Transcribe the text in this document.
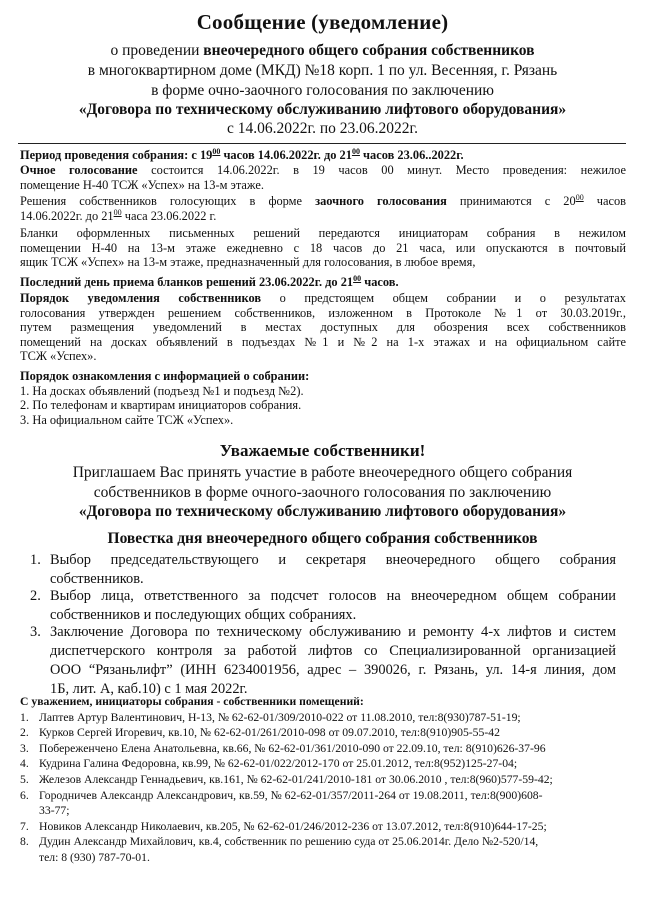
Сообщение (уведомление)
о проведении внеочередного общего собрания собственников
в многоквартирном доме (МКД) №18 корп. 1 по ул. Весенняя, г. Рязань
в форме очно-заочного голосования по заключению
«Договора по техническому обслуживанию лифтового оборудования»
с 14.06.2022г. по 23.06.2022г.
Период проведения собрания: с $19^{00}$ часов 14.06.2022г. до $21^{00}$ часов 23.06..2022г.
Очное голосование состоится 14.06.2022г. в 19 часов 00 минут. Место проведения: нежилое
помещение Н-40 ТСЖ «Успех» на 13-м этаже.
Решения собственников голосующих в форме заочного голосования принимаются с $20^{00}$ часов
14.06.2022г. до $21^{00}$ часа 23.06.2022 г.
Бланки оформленных письменных решений передаются инициаторам собрания в нежилом
помещении Н-40 на 13-м этаже ежедневно с 18 часов до 21 часа, или опускаются в почтовый
ящик ТСЖ «Успех» на 13-м этаже, предназначенный для голосования, в любое время,
Последний день приема бланков решений 23.06.2022г. до $21^{00}$ часов.
Порядок уведомления собственников о предстоящем общем собрании и о результатах
голосования утвержден решением собственников, изложенном в Протоколе №1 от 30.03.2019г.,
путем размещения уведомлений в местах доступных для обозрения всех собственников
помещений на досках объявлений в подъездах №1 и №2 на 1-х этажах и на официальном сайте
ТСЖ «Успех».
Порядок ознакомления с информацией о собрании:
1. На досках объявлений (подъезд №1 и подъезд №2).
2. По телефонам и квартирам инициаторов собрания.
3. На официальном сайте ТСЖ «Успех».
Уважаемые собственники!
Приглашаем Вас принять участие в работе внеочередного общего собрания
собственников в форме очного-заочного голосования по заключению
«Договора по техническому обслуживанию лифтового оборудования»
Повестка дня внеочередного общего собрания собственников
1. Выбор председательствующего и секретаря внеочередного общего собрания
собственников.
2. Выбор лица, ответственного за подсчет голосов на внеочередном общем собрании
собственников и последующих общих собраниях.
3. Заключение Договора по техническому обслуживанию и ремонту 4-х лифтов и систем
диспетчерского контроля за работой лифтов со Специализированной организацией
ООО “Рязаньлифт” (ИНН 6234001956, адрес – 390026, г. Рязань, ул. 14-я линия, дом
1Б, лит. А, каб.10) с 1 мая 2022г.
С уважением, инициаторы собрания - собственники помещений:
1. Лаптев Артур Валентинович, Н-13, № 62-62-01/309/2010-022 от 11.08.2010, тел:8(930)787-51-19;
2. Курков Сергей Игоревич, кв.10, № 62-62-01/261/2010-098 от 09.07.2010, тел:8(910)905-55-42
3. Побереженчено Елена Анатольевна, кв.66, № 62-62-01/361/2010-090 от 22.09.10, тел: 8(910)626-37-96
4. Кудрина Галина Федоровна, кв.99, № 62-62-01/022/2012-170 от 25.01.2012, тел:8(952)125-27-04;
5. Железов Александр Геннадьевич, кв.161, № 62-62-01/241/2010-181 от 30.06.2010 , тел:8(960)577-59-42;
6. Городничев Александр Александрович, кв.59, № 62-62-01/357/2011-264 от 19.08.2011, тел:8(900)608-
33-77;
7. Новиков Александр Николаевич, кв.205, № 62-62-01/246/2012-236 от 13.07.2012, тел:8(910)644-17-25;
8. Дудин Александр Михайлович, кв.4, собственник по решению суда от 25.06.2014г. Дело №2-520/14,
тел: 8 (930) 787-70-01.
